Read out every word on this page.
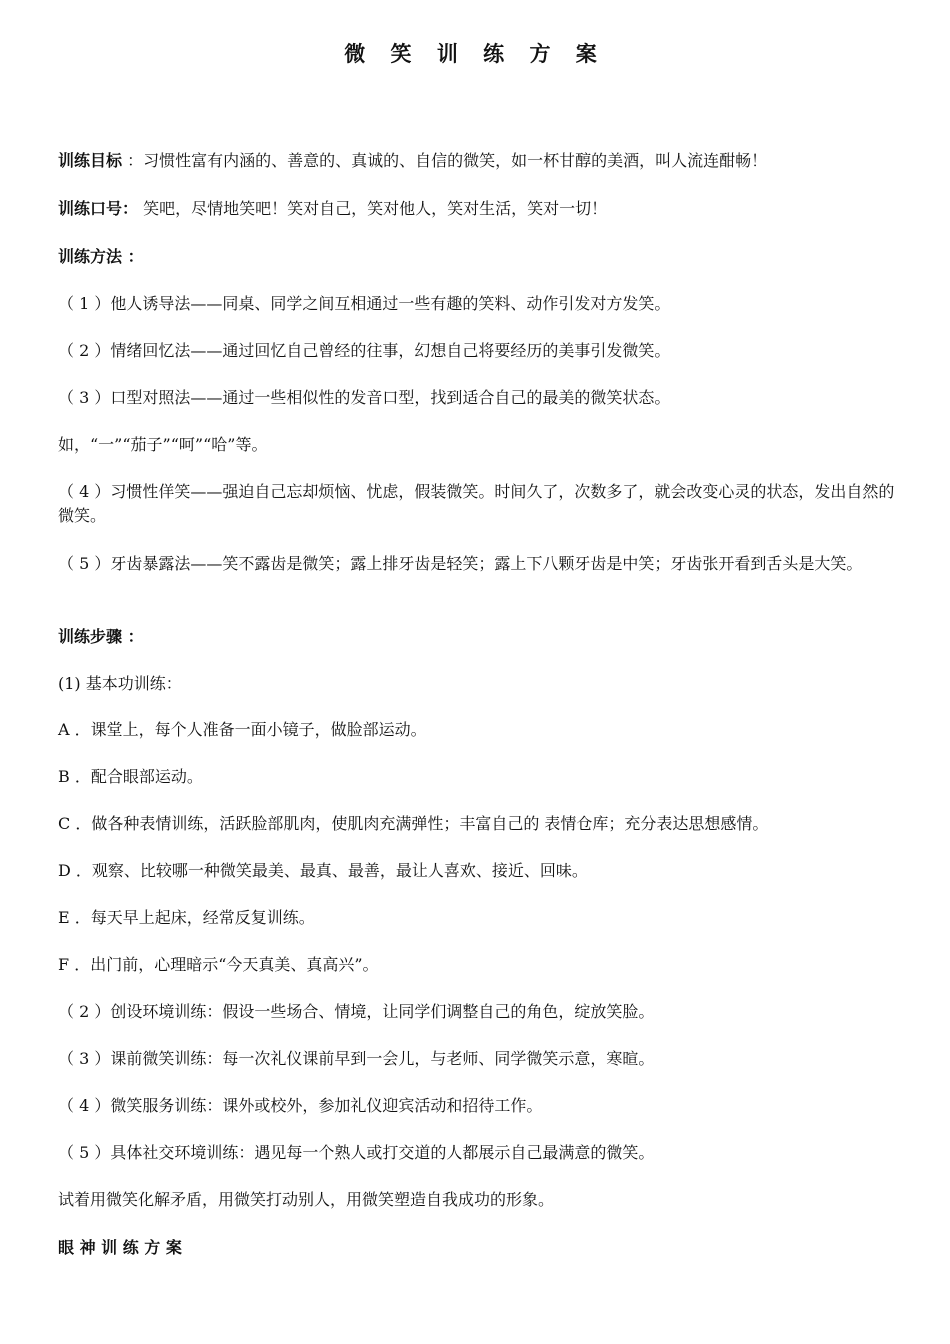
微 笑 训 练 方 案
训练目标 ：习惯性富有内涵的、善意的、真诚的、自信的微笑，如一杯甘醇的美酒，叫人流连酣畅！
训练口号： 笑吧，尽情地笑吧！笑对自己，笑对他人，笑对生活，笑对一切！
训练方法 ：
（ 1 ）他人诱导法——同桌、同学之间互相通过一些有趣的笑料、动作引发对方发笑。
（ 2 ）情绪回忆法——通过回忆自己曾经的往事，幻想自己将要经历的美事引发微笑。
（ 3 ）口型对照法——通过一些相似性的发音口型，找到适合自己的最美的微笑状态。
如，“一”“茄子”“呵”“哈”等。
（ 4 ）习惯性佯笑——强迫自己忘却烦恼、忧虑，假装微笑。时间久了，次数多了，就会改变心灵的状态，发出自然的微笑。
（ 5 ）牙齿暴露法——笑不露齿是微笑；露上排牙齿是轻笑；露上下八颗牙齿是中笑；牙齿张开看到舌头是大笑。
训练步骤 ：
(1) 基本功训练：
A ．课堂上，每个人准备一面小镜子，做脸部运动。
B ．配合眼部运动。
C ．做各种表情训练，活跃脸部肌肉，使肌肉充满弹性；丰富自己的 表情仓库；充分表达思想感情。
D ．观察、比较哪一种微笑最美、最真、最善，最让人喜欢、接近、回味。
E ．每天早上起床，经常反复训练。
F ．出门前，心理暗示“今天真美、真高兴”。
（ 2 ）创设环境训练：假设一些场合、情境，让同学们调整自己的角色，绽放笑脸。
（ 3 ）课前微笑训练：每一次礼仪课前早到一会儿，与老师、同学微笑示意，寒暄。
（ 4 ）微笑服务训练：课外或校外，参加礼仪迎宾活动和招待工作。
（ 5 ）具体社交环境训练：遇见每一个熟人或打交道的人都展示自己最满意的微笑。
试着用微笑化解矛盾，用微笑打动别人，用微笑塑造自我成功的形象。
眼 神 训 练 方 案
